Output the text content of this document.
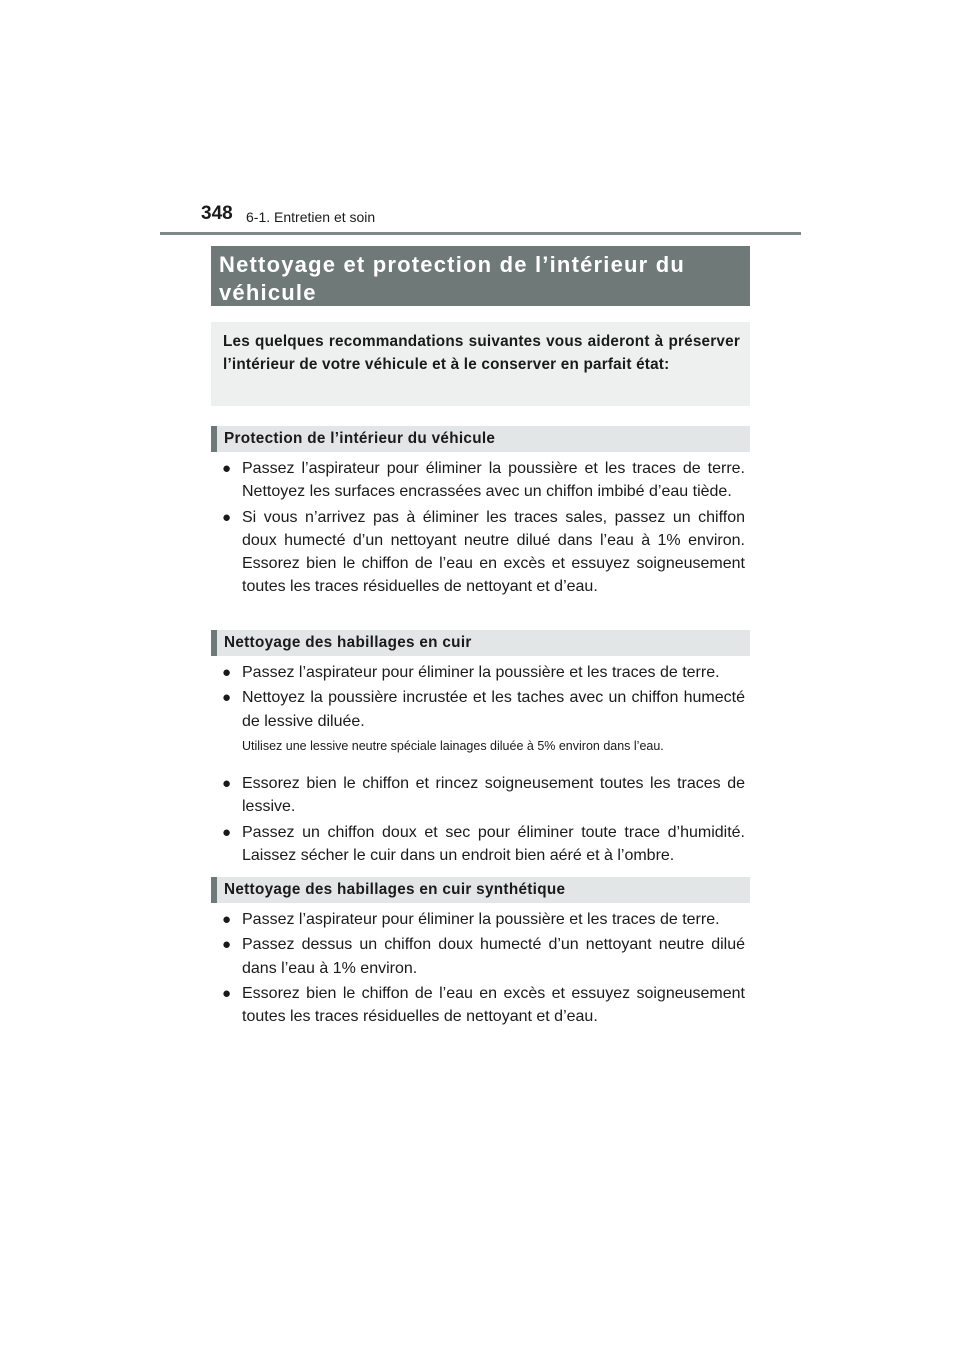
348 6-1. Entretien et soin
Nettoyage et protection de l’intérieur du véhicule
Les quelques recommandations suivantes vous aideront à préserver l’intérieur de votre véhicule et à le conserver en parfait état:
Protection de l’intérieur du véhicule
● Passez l’aspirateur pour éliminer la poussière et les traces de terre. Nettoyez les surfaces encrassées avec un chiffon imbibé d’eau tiède.
● Si vous n’arrivez pas à éliminer les traces sales, passez un chiffon doux humecté d’un nettoyant neutre dilué dans l’eau à 1% environ. Essorez bien le chiffon de l’eau en excès et essuyez soigneusement toutes les traces résiduelles de nettoyant et d’eau.
Nettoyage des habillages en cuir
● Passez l’aspirateur pour éliminer la poussière et les traces de terre.
● Nettoyez la poussière incrustée et les taches avec un chiffon humecté de lessive diluée.
Utilisez une lessive neutre spéciale lainages diluée à 5% environ dans l’eau.
● Essorez bien le chiffon et rincez soigneusement toutes les traces de lessive.
● Passez un chiffon doux et sec pour éliminer toute trace d’humidité. Laissez sécher le cuir dans un endroit bien aéré et à l’ombre.
Nettoyage des habillages en cuir synthétique
● Passez l’aspirateur pour éliminer la poussière et les traces de terre.
● Passez dessus un chiffon doux humecté d’un nettoyant neutre dilué dans l’eau à 1% environ.
● Essorez bien le chiffon de l’eau en excès et essuyez soigneusement toutes les traces résiduelles de nettoyant et d’eau.
